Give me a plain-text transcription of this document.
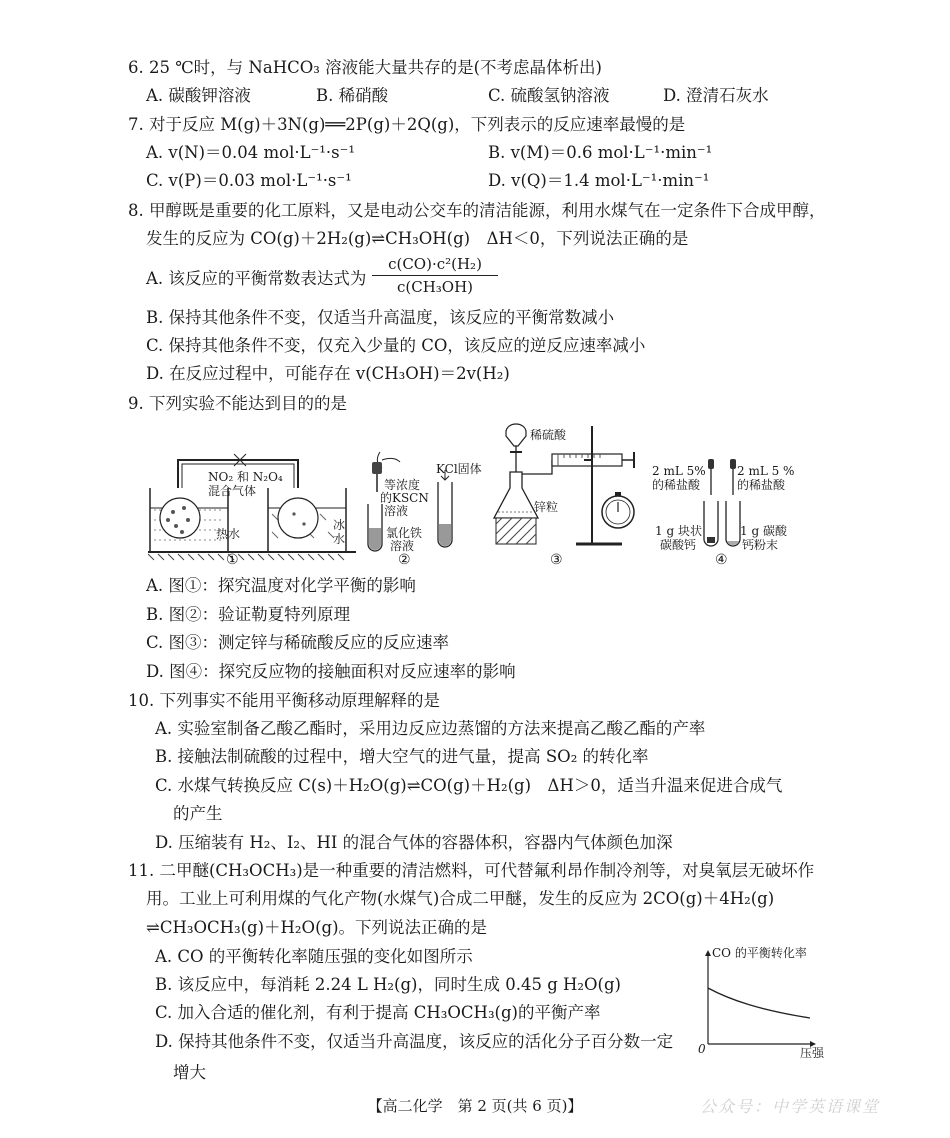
6. 25 ℃时，与 NaHCO₃ 溶液能大量共存的是(不考虑晶体析出)
A. 碳酸钾溶液	B. 稀硝酸	C. 硫酸氢钠溶液	D. 澄清石灰水
7. 对于反应 M(g)＋3N(g)══2P(g)＋2Q(g)，下列表示的反应速率最慢的是
A. v(N)＝0.04 mol·L⁻¹·s⁻¹	B. v(M)＝0.6 mol·L⁻¹·min⁻¹
C. v(P)＝0.03 mol·L⁻¹·s⁻¹	D. v(Q)＝1.4 mol·L⁻¹·min⁻¹
8. 甲醇既是重要的化工原料，又是电动公交车的清洁能源，利用水煤气在一定条件下合成甲醇，
发生的反应为 CO(g)＋2H₂(g)⇌CH₃OH(g)　ΔH＜0，下列说法正确的是
A. 该反应的平衡常数表达式为
c(CO)·c²(H₂)
c(CH₃OH)
B. 保持其他条件不变，仅适当升高温度，该反应的平衡常数减小
C. 保持其他条件不变，仅充入少量的 CO，该反应的逆反应速率减小
D. 在反应过程中，可能存在 v(CH₃OH)＝2v(H₂)
9. 下列实验不能达到目的的是
NO₂ 和 N₂O₄
混合气体
热水
冰
水
①
等浓度
的KSCN
溶液
KCl固体
氯化铁
溶液
②
稀硫酸
锌粒
③
2 mL 5%
的稀盐酸
2 mL 5 %
的稀盐酸
1 g 块状
碳酸钙
1 g 碳酸
钙粉末
④
A. 图①：探究温度对化学平衡的影响
B. 图②：验证勒夏特列原理
C. 图③：测定锌与稀硫酸反应的反应速率
D. 图④：探究反应物的接触面积对反应速率的影响
10. 下列事实不能用平衡移动原理解释的是
A. 实验室制备乙酸乙酯时，采用边反应边蒸馏的方法来提高乙酸乙酯的产率
B. 接触法制硫酸的过程中，增大空气的进气量，提高 SO₂ 的转化率
C. 水煤气转换反应 C(s)＋H₂O(g)⇌CO(g)＋H₂(g)　ΔH＞0，适当升温来促进合成气
的产生
D. 压缩装有 H₂、I₂、HI 的混合气体的容器体积，容器内气体颜色加深
11. 二甲醚(CH₃OCH₃)是一种重要的清洁燃料，可代替氟利昂作制冷剂等，对臭氧层无破坏作
用。工业上可利用煤的气化产物(水煤气)合成二甲醚，发生的反应为 2CO(g)＋4H₂(g)
⇌CH₃OCH₃(g)＋H₂O(g)。下列说法正确的是
A. CO 的平衡转化率随压强的变化如图所示
B. 该反应中，每消耗 2.24 L H₂(g)，同时生成 0.45 g H₂O(g)
C. 加入合适的催化剂，有利于提高 CH₃OCH₃(g)的平衡产率
D. 保持其他条件不变，仅适当升高温度，该反应的活化分子百分数一定
增大
CO 的平衡转化率
压强
0
【高二化学　第 2 页(共 6 页)】	公众号：中学英语课堂
